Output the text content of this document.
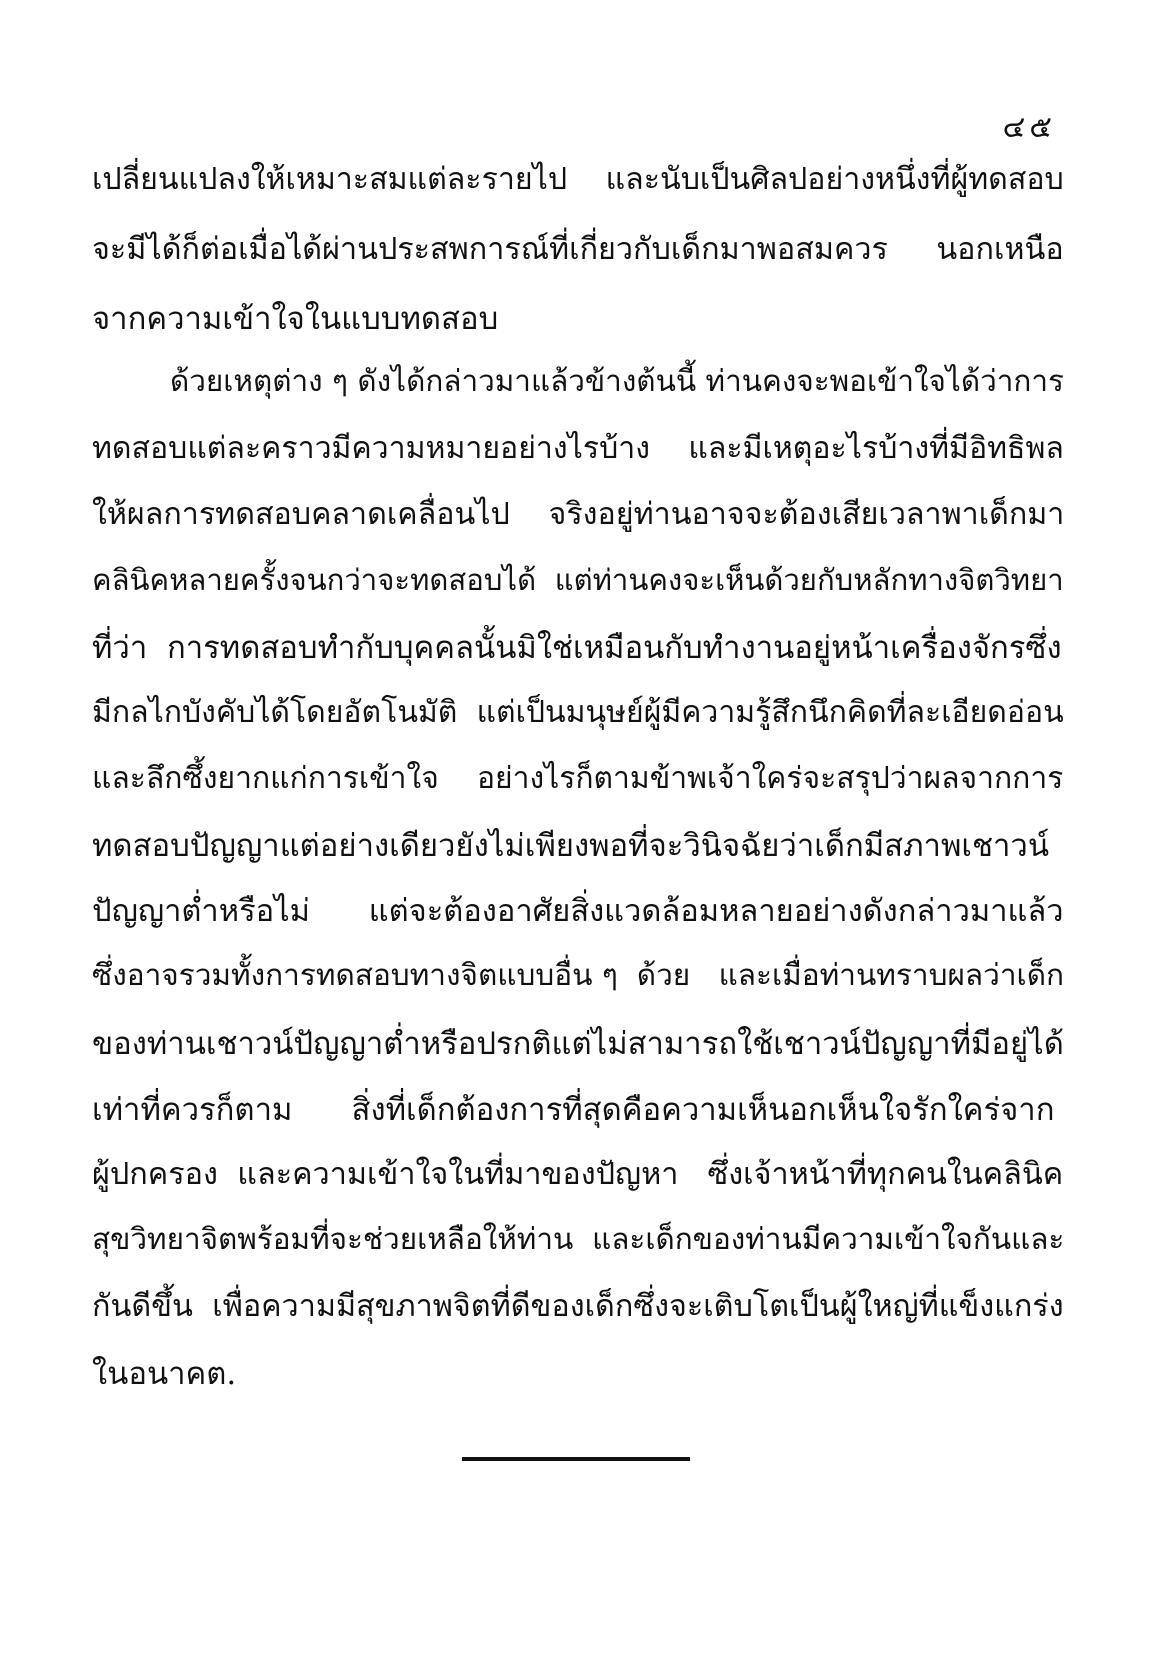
๔๕
เปลี่ยนแปลงให้เหมาะสมแต่ละรายไป    และนับเป็นศิลปอย่างหนึ่งที่ผู้ทดสอบ
จะมีได้ก็ต่อเมื่อได้ผ่านประสพการณ์ที่เกี่ยวกับเด็กมาพอสมควร     นอกเหนือ
จากความเข้าใจในแบบทดสอบ
ด้วยเหตุต่าง ๆ ดังได้กล่าวมาแล้วข้างต้นนี้ ท่านคงจะพอเข้าใจได้ว่าการ
ทดสอบแต่ละคราวมีความหมายอย่างไรบ้าง    และมีเหตุอะไรบ้างที่มีอิทธิพล
ให้ผลการทดสอบคลาดเคลื่อนไป    จริงอยู่ท่านอาจจะต้องเสียเวลาพาเด็กมา
คลินิคหลายครั้งจนกว่าจะทดสอบได้  แต่ท่านคงจะเห็นด้วยกับหลักทางจิตวิทยา
ที่ว่า  การทดสอบทำกับบุคคลนั้นมิใช่เหมือนกับทำงานอยู่หน้าเครื่องจักรซึ่ง
มีกลไกบังคับได้โดยอัตโนมัติ  แต่เป็นมนุษย์ผู้มีความรู้สึกนึกคิดที่ละเอียดอ่อน
และลึกซึ้งยากแก่การเข้าใจ    อย่างไรก็ตามข้าพเจ้าใคร่จะสรุปว่าผลจากการ
ทดสอบปัญญาแต่อย่างเดียวยังไม่เพียงพอที่จะวินิจฉัยว่าเด็กมีสภาพเชาวน์
ปัญญาต่ำหรือไม่      แต่จะต้องอาศัยสิ่งแวดล้อมหลายอย่างดังกล่าวมาแล้ว
ซึ่งอาจรวมทั้งการทดสอบทางจิตแบบอื่น ๆ  ด้วย   และเมื่อท่านทราบผลว่าเด็ก
ของท่านเชาวน์ปัญญาต่ำหรือปรกติแต่ไม่สามารถใช้เชาวน์ปัญญาที่มีอยู่ได้
เท่าที่ควรก็ตาม      สิ่งที่เด็กต้องการที่สุดคือความเห็นอกเห็นใจรักใคร่จาก
ผู้ปกครอง  และความเข้าใจในที่มาของปัญหา   ซึ่งเจ้าหน้าที่ทุกคนในคลินิค
สุขวิทยาจิตพร้อมที่จะช่วยเหลือให้ท่าน  และเด็กของท่านมีความเข้าใจกันและ
กันดีขึ้น  เพื่อความมีสุขภาพจิตที่ดีของเด็กซึ่งจะเติบโตเป็นผู้ใหญ่ที่แข็งแกร่ง
ในอนาคต.
